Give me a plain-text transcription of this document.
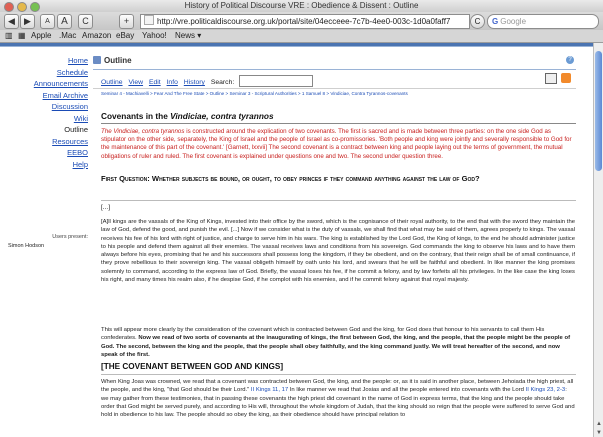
History of Political Discourse VRE : Obedience & Dissent : Outline
◀	▶	A	A	C	+	http://vre.politicaldiscourse.org.uk/portal/site/04ecceee-7c7b-4ee0-003c-1d0a0faff7	C	G Google
▥ ▦ Apple .Mac Amazon eBay Yahoo! News ▾
Home
Schedule
Announcements
Email Archive
Discussion
Wiki
Outline
Resources
EEBO
Help
Users present:
Simon Hodson
Outline	?
Outline View Edit Info History Search:
Seminar 4 - Machiavelli > Fear And The Free State > Outline > Seminar 3 - Scriptural Authorities > 1 Samuel 8 > Vindiciae, Contra Tyrannos-covenants
Covenants in the Vindiciae, contra tyrannos
The Vindiciae, contra tyrannos is constructed around the explication of two covenants. The first is sacred and is made between three parties: on the one side God as stipulator on the other side, separately, the King of Israel and the people of Israel as co-promissories. 'Both people and king were jointly and severally responsible to God for the maintenance of this part of the covenant.' [Garnett, lxxvii] The second covenant is a contract between king and people laying out the terms of government, the mutual obligations of ruler and ruled. The first covenant is explained under questions one and two. The second under question three.
First Question: Whether subjects be bound, or ought, to obey princes if they command anything against the law of God?
[...]
[A]ll kings are the vassals of the King of Kings, invested into their office by the sword, which is the cognisance of their royal authority, to the end that with the sword they maintain the law of God, defend the good, and punish the evil. [...] Now if we consider what is the duty of vassals, we shall find that what may be said of them, agrees properly to kings. The vassal receives his fee of his lord with right of justice, and charge to serve him in his wars. The king is established by the Lord God, the King of kings, to the end he should administer justice to his people and defend them against all their enemies. The vassal receives laws and conditions from his sovereign. God commands the king to observe his laws and to have them always before his eyes, promising that he and his successors shall possess long the kingdom, if they be obedient, and on the contrary, that their reign shall be of small continuance, if they prove rebellious to their sovereign king. The vassal obligeth himself by oath unto his lord, and swears that he will be faithful and obedient. In like manner the king promises solemnly to command, according to the express law of God. Briefly, the vassal loses his fee, if he commit a felony, and by law forfeits all his privileges. In the like case the king loses his right, and many times his realm also, if he despise God, if he complot with his enemies, and if he commit felony against that royal majesty.
This will appear more clearly by the consideration of the covenant which is contracted between God and the king, for God does that honour to his servants to call them His confederates. Now we read of two sorts of covenants at the inaugurating of kings, the first between God, the king, and the people, that the people might be the people of God. The second, between the king and the people, that the people shall obey faithfully, and the king command justly. We will treat hereafter of the second, and now speak of the first.
[THE COVENANT BETWEEN GOD AND KINGS]
When King Joas was crowned, we read that a covenant was contracted between God, the king, and the people: or, as it is said in another place, between Jehoiada the high priest, all the people, and the king, "that God should be their Lord." II Kings 11, 17 In like manner we read that Josias and all the people entered into covenants with the Lord II Kings 23, 2-3: we may gather from these testimonies, that in passing these covenants the high priest did covenant in the name of God in express terms, that the king and the people should take order that God might be served purely, and according to His will, throughout the whole kingdom of Judah, that the king should so reign that the people were suffered to serve God and hold in obedience to his law. The people should so obey the king, as their obedience should have principal relation to
▲
▼
